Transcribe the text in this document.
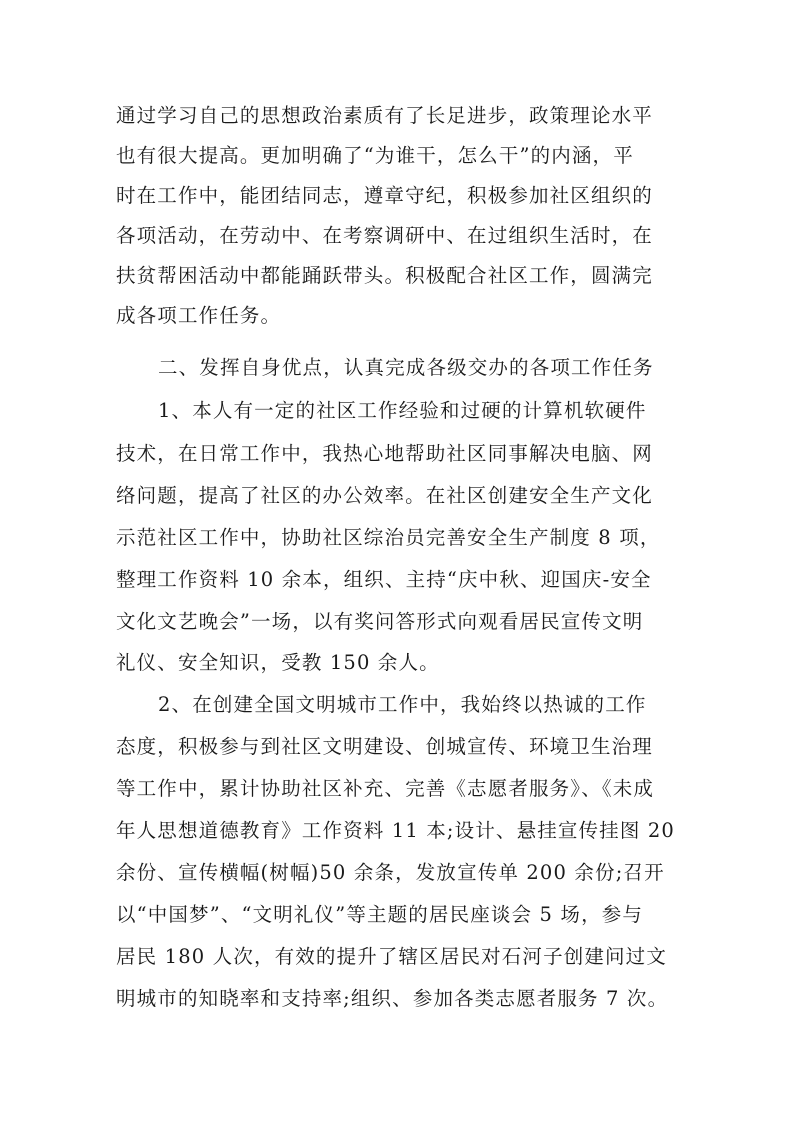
通过学习自己的思想政治素质有了长足进步，政策理论水平
也有很大提高。更加明确了“为谁干，怎么干”的内涵，平
时在工作中，能团结同志，遵章守纪，积极参加社区组织的
各项活动，在劳动中、在考察调研中、在过组织生活时，在
扶贫帮困活动中都能踊跃带头。积极配合社区工作，圆满完
成各项工作任务。
二、发挥自身优点，认真完成各级交办的各项工作任务
1、本人有一定的社区工作经验和过硬的计算机软硬件
技术，在日常工作中，我热心地帮助社区同事解决电脑、网
络问题，提高了社区的办公效率。在社区创建安全生产文化
示范社区工作中，协助社区综治员完善安全生产制度 8 项，
整理工作资料 10 余本，组织、主持“庆中秋、迎国庆-安全
文化文艺晚会”一场，以有奖问答形式向观看居民宣传文明
礼仪、安全知识，受教 150 余人。
2、在创建全国文明城市工作中，我始终以热诚的工作
态度，积极参与到社区文明建设、创城宣传、环境卫生治理
等工作中，累计协助社区补充、完善《志愿者服务》、《未成
年人思想道德教育》工作资料 11 本;设计、悬挂宣传挂图 20
余份、宣传横幅(树幅)50 余条，发放宣传单 200 余份;召开
以“中国梦”、“文明礼仪”等主题的居民座谈会 5 场，参与
居民 180 人次，有效的提升了辖区居民对石河子创建问过文
明城市的知晓率和支持率;组织、参加各类志愿者服务 7 次。
